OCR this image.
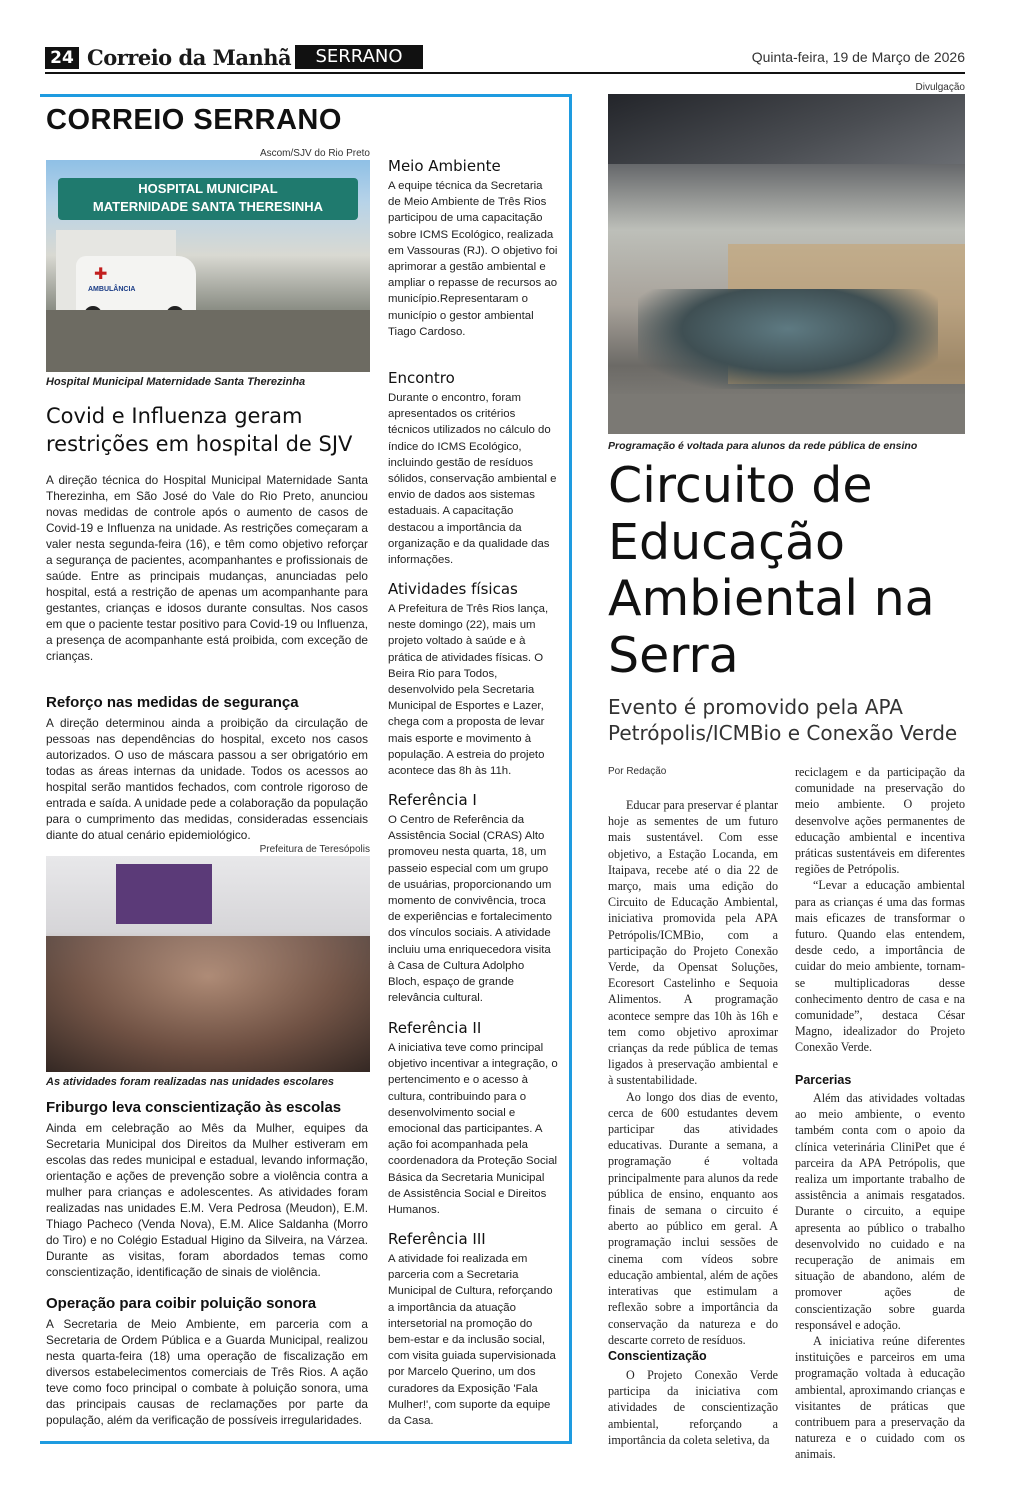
24 Correio da Manhã	SERRANO	Quinta-feira, 19 de Março de 2026
CORREIO SERRANO
Ascom/SJV do Rio Preto
HOSPITAL MUNICIPAL
MATERNIDADE SANTA THERESINHA
✚
AMBULÂNCIA
Hospital Municipal Maternidade Santa Therezinha
Covid e Influenza geram restrições em hospital de SJV
A direção técnica do Hospital Municipal Maternidade Santa Therezinha, em São José do Vale do Rio Preto, anunciou novas medidas de controle após o aumento de casos de Covid-19 e Influenza na unidade. As restrições começaram a valer nesta segunda-feira (16), e têm como objetivo reforçar a segurança de pacientes, acompanhantes e profissionais de saúde. Entre as principais mudanças, anunciadas pelo hospital, está a restrição de apenas um acompanhante para gestantes, crianças e idosos durante consultas. Nos casos em que o paciente testar positivo para Covid-19 ou Influenza, a presença de acompanhante está proibida, com exceção de crianças.
Reforço nas medidas de segurança
A direção determinou ainda a proibição da circulação de pessoas nas dependências do hospital, exceto nos casos autorizados. O uso de máscara passou a ser obrigatório em todas as áreas internas da unidade. Todos os acessos ao hospital serão mantidos fechados, com controle rigoroso de entrada e saída. A unidade pede a colaboração da população para o cumprimento das medidas, consideradas essenciais diante do atual cenário epidemiológico.
Prefeitura de Teresópolis
As atividades foram realizadas nas unidades escolares
Friburgo leva conscientização às escolas
Ainda em celebração ao Mês da Mulher, equipes da Secretaria Municipal dos Direitos da Mulher estiveram em escolas das redes municipal e estadual, levando informação, orientação e ações de prevenção sobre a violência contra a mulher para crianças e adolescentes. As atividades foram realizadas nas unidades E.M. Vera Pedrosa (Meudon), E.M. Thiago Pacheco (Venda Nova), E.M. Alice Saldanha (Morro do Tiro) e no Colégio Estadual Higino da Silveira, na Várzea. Durante as visitas, foram abordados temas como conscientização, identificação de sinais de violência.
Operação para coibir poluição sonora
A Secretaria de Meio Ambiente, em parceria com a Secretaria de Ordem Pública e a Guarda Municipal, realizou nesta quarta-feira (18) uma operação de fiscalização em diversos estabelecimentos comerciais de Três Rios. A ação teve como foco principal o combate à poluição sonora, uma das principais causas de reclamações por parte da população, além da verificação de possíveis irregularidades.
Meio Ambiente
A equipe técnica da Secretaria de Meio Ambiente de Três Rios participou de uma capacitação sobre ICMS Ecológico, realizada em Vassouras (RJ). O objetivo foi aprimorar a gestão ambiental e ampliar o repasse de recursos ao município.Representaram o município o gestor ambiental Tiago Cardoso.
Encontro
Durante o encontro, foram apresentados os critérios técnicos utilizados no cálculo do índice do ICMS Ecológico, incluindo gestão de resíduos sólidos, conservação ambiental e envio de dados aos sistemas estaduais. A capacitação destacou a importância da organização e da qualidade das informações.
Atividades físicas
A Prefeitura de Três Rios lança, neste domingo (22), mais um projeto voltado à saúde e à prática de atividades físicas. O Beira Rio para Todos, desenvolvido pela Secretaria Municipal de Esportes e Lazer, chega com a proposta de levar mais esporte e movimento à população. A estreia do projeto acontece das 8h às 11h.
Referência I
O Centro de Referência da Assistência Social (CRAS) Alto promoveu nesta quarta, 18, um passeio especial com um grupo de usuárias, proporcionando um momento de convivência, troca de experiências e fortalecimento dos vínculos sociais. A atividade incluiu uma enriquecedora visita à Casa de Cultura Adolpho Bloch, espaço de grande relevância cultural.
Referência II
A iniciativa teve como principal objetivo incentivar a integração, o pertencimento e o acesso à cultura, contribuindo para o desenvolvimento social e emocional das participantes. A ação foi acompanhada pela coordenadora da Proteção Social Básica da Secretaria Municipal de Assistência Social e Direitos Humanos.
Referência III
A atividade foi realizada em parceria com a Secretaria Municipal de Cultura, reforçando a importância da atuação intersetorial na promoção do bem-estar e da inclusão social, com visita guiada supervisionada por Marcelo Querino, um dos curadores da Exposição 'Fala Mulher!', com suporte da equipe da Casa.
Divulgação
Programação é voltada para alunos da rede pública de ensino
Circuito de Educação Ambiental na Serra
Evento é promovido pela APA Petrópolis/ICMBio e Conexão Verde
Por Redação

Educar para preservar é plantar hoje as sementes de um futuro mais sustentável. Com esse objetivo, a Estação Locanda, em Itaipava, recebe até o dia 22 de março, mais uma edição do Circuito de Educação Ambiental, iniciativa promovida pela APA Petrópolis/ICMBio, com a participação do Projeto Conexão Verde, da Opensat Soluções, Ecoresort Castelinho e Sequoia Alimentos. A programação acontece sempre das 10h às 16h e tem como objetivo aproximar crianças da rede pública de temas ligados à preservação ambiental e à sustentabilidade.

Ao longo dos dias de evento, cerca de 600 estudantes devem participar das atividades educativas. Durante a semana, a programação é voltada principalmente para alunos da rede pública de ensino, enquanto aos finais de semana o circuito é aberto ao público em geral. A programação inclui sessões de cinema com vídeos sobre educação ambiental, além de ações interativas que estimulam a reflexão sobre a importância da conservação da natureza e do descarte correto de resíduos.

Conscientização

O Projeto Conexão Verde participa da iniciativa com atividades de conscientização ambiental, reforçando a importância da coleta seletiva, da

reciclagem e da participação da comunidade na preservação do meio ambiente. O projeto desenvolve ações permanentes de educação ambiental e incentiva práticas sustentáveis em diferentes regiões de Petrópolis.

“Levar a educação ambiental para as crianças é uma das formas mais eficazes de transformar o futuro. Quando elas entendem, desde cedo, a importância de cuidar do meio ambiente, tornam-se multiplicadoras desse conhecimento dentro de casa e na comunidade”, destaca César Magno, idealizador do Projeto Conexão Verde.

Parcerias

Além das atividades voltadas ao meio ambiente, o evento também conta com o apoio da clínica veterinária CliniPet que é parceira da APA Petrópolis, que realiza um importante trabalho de assistência a animais resgatados. Durante o circuito, a equipe apresenta ao público o trabalho desenvolvido no cuidado e na recuperação de animais em situação de abandono, além de promover ações de conscientização sobre guarda responsável e adoção.

A iniciativa reúne diferentes instituições e parceiros em uma programação voltada à educação ambiental, aproximando crianças e visitantes de práticas que contribuem para a preservação da natureza e o cuidado com os animais.
